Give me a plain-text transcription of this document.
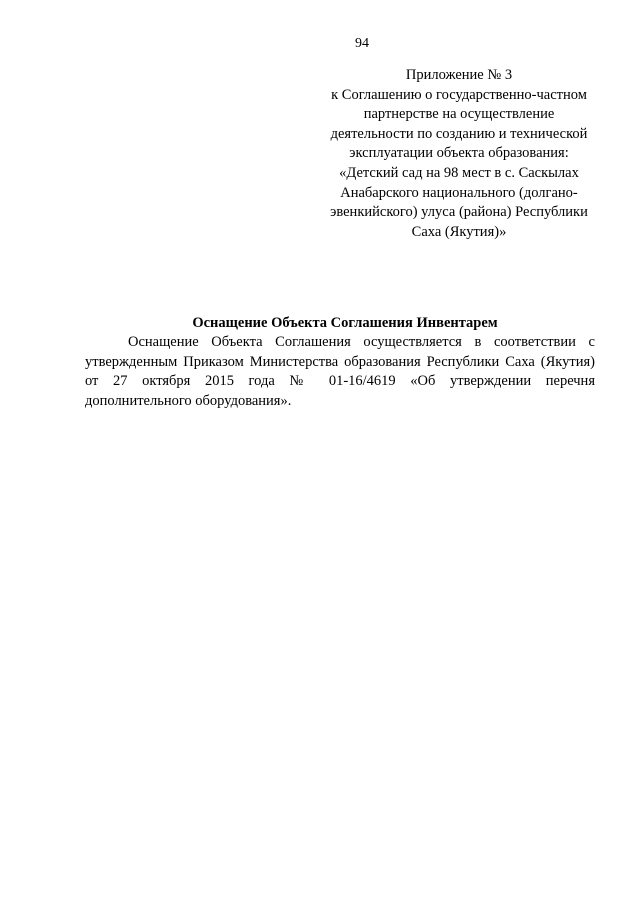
94
Приложение № 3
к Соглашению о государственно-частном
партнерстве на осуществление
деятельности по созданию и технической
эксплуатации объекта образования:
«Детский сад на 98 мест в с. Саскылах
Анабарского национального (долгано-
эвенкийского) улуса (района) Республики
Саха (Якутия)»
Оснащение Объекта Соглашения Инвентарем

Оснащение Объекта Соглашения осуществляется в соответствии с утвержденным Приказом Министерства образования Республики Саха (Якутия) от 27 октября 2015 года № 01-16/4619 «Об утверждении перечня дополнительного оборудования».
